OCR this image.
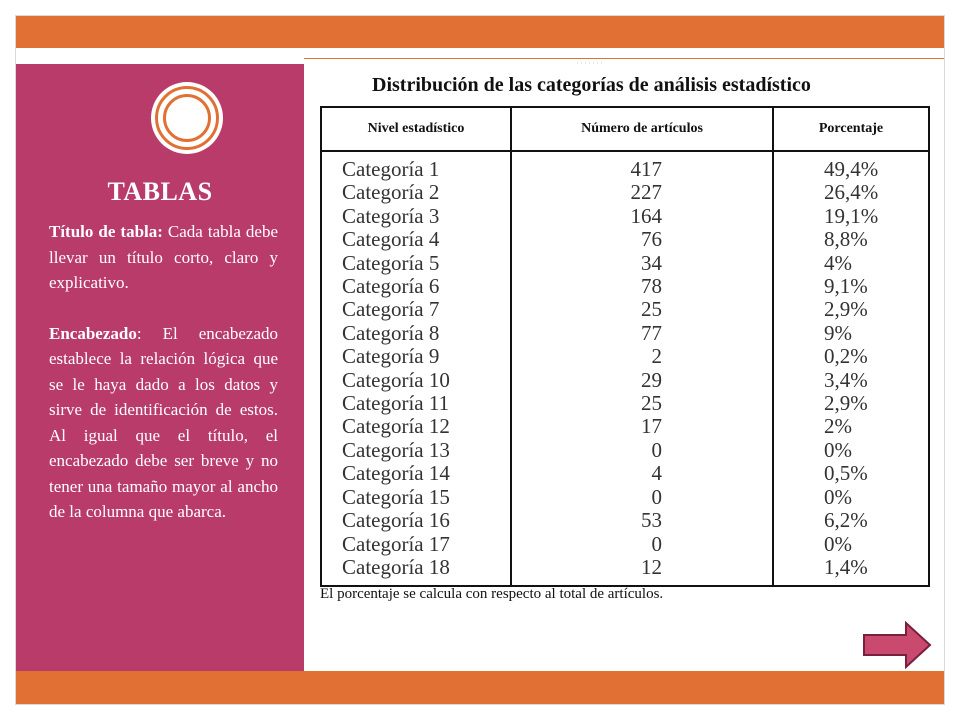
TABLAS

Título de tabla: Cada tabla debe llevar un título corto, claro y explicativo.

Encabezado: El encabezado establece la relación lógica que se le haya dado a los datos y sirve de identificación de estos. Al igual que el título, el encabezado debe ser breve y no tener una tamaño mayor al ancho de la columna que abarca.

·······
Distribución de las categorías de análisis estadístico
Nivel estadístico	Número de artículos	Porcentaje
Categoría 1	417	49,4%
Categoría 2	227	26,4%
Categoría 3	164	19,1%
Categoría 4	76	8,8%
Categoría 5	34	4%
Categoría 6	78	9,1%
Categoría 7	25	2,9%
Categoría 8	77	9%
Categoría 9	2	0,2%
Categoría 10	29	3,4%
Categoría 11	25	2,9%
Categoría 12	17	2%
Categoría 13	0	0%
Categoría 14	4	0,5%
Categoría 15	0	0%
Categoría 16	53	6,2%
Categoría 17	0	0%
Categoría 18	12	1,4%

El porcentaje se calcula con respecto al total de artículos.
